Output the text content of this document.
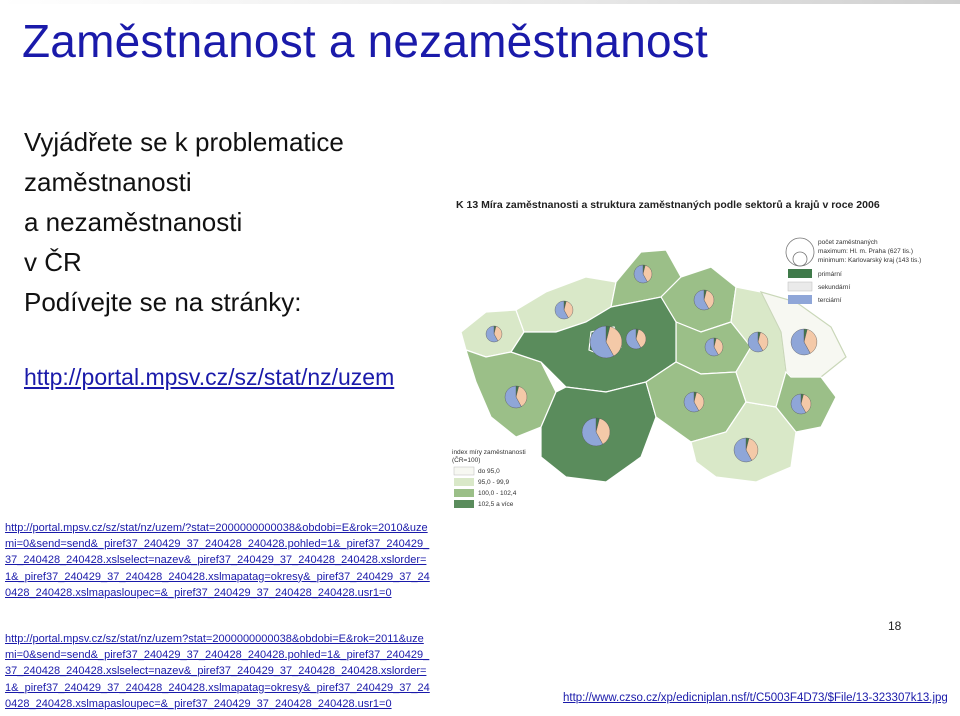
Zaměstnanost a nezaměstnanost
Vyjádřete se k problematice
zaměstnanosti
a nezaměstnanosti
v ČR
Podívejte se na stránky:
http://portal.mpsv.cz/sz/stat/nz/uzem
http://portal.mpsv.cz/sz/stat/nz/uzem/?stat=2000000000038&obdobi=E&rok=2010&uzemi=0&send=send&_piref37_240429_37_240428_240428.pohled=1&_piref37_240429_37_240428_240428.xslselect=nazev&_piref37_240429_37_240428_240428.xslorder=1&_piref37_240429_37_240428_240428.xslmapatag=okresy&_piref37_240429_37_240428_240428.xslmapasloupec=&_piref37_240429_37_240428_240428.usr1=0
http://portal.mpsv.cz/sz/stat/nz/uzem?stat=2000000000038&obdobi=E&rok=2011&uzemi=0&send=send&_piref37_240429_37_240428_240428.pohled=1&_piref37_240429_37_240428_240428.xslselect=nazev&_piref37_240429_37_240428_240428.xslorder=1&_piref37_240429_37_240428_240428.xslmapatag=okresy&_piref37_240429_37_240428_240428.xslmapasloupec=&_piref37_240429_37_240428_240428.usr1=0
18
http://www.czso.cz/xp/edicniplan.nsf/t/C5003F4D73/$File/13-323307k13.jpg
K 13 Míra zaměstnanosti a struktura zaměstnaných podle sektorů a krajů v roce 2006
počet zaměstnaných
maximum: Hl. m. Praha (627 tis.)
minimum: Karlovarský kraj (143 tis.)
primární
sekundární
terciární
index míry zaměstnanosti
(ČR=100)
do 95,0
95,0 - 99,9
100,0 - 102,4
102,5 a více
